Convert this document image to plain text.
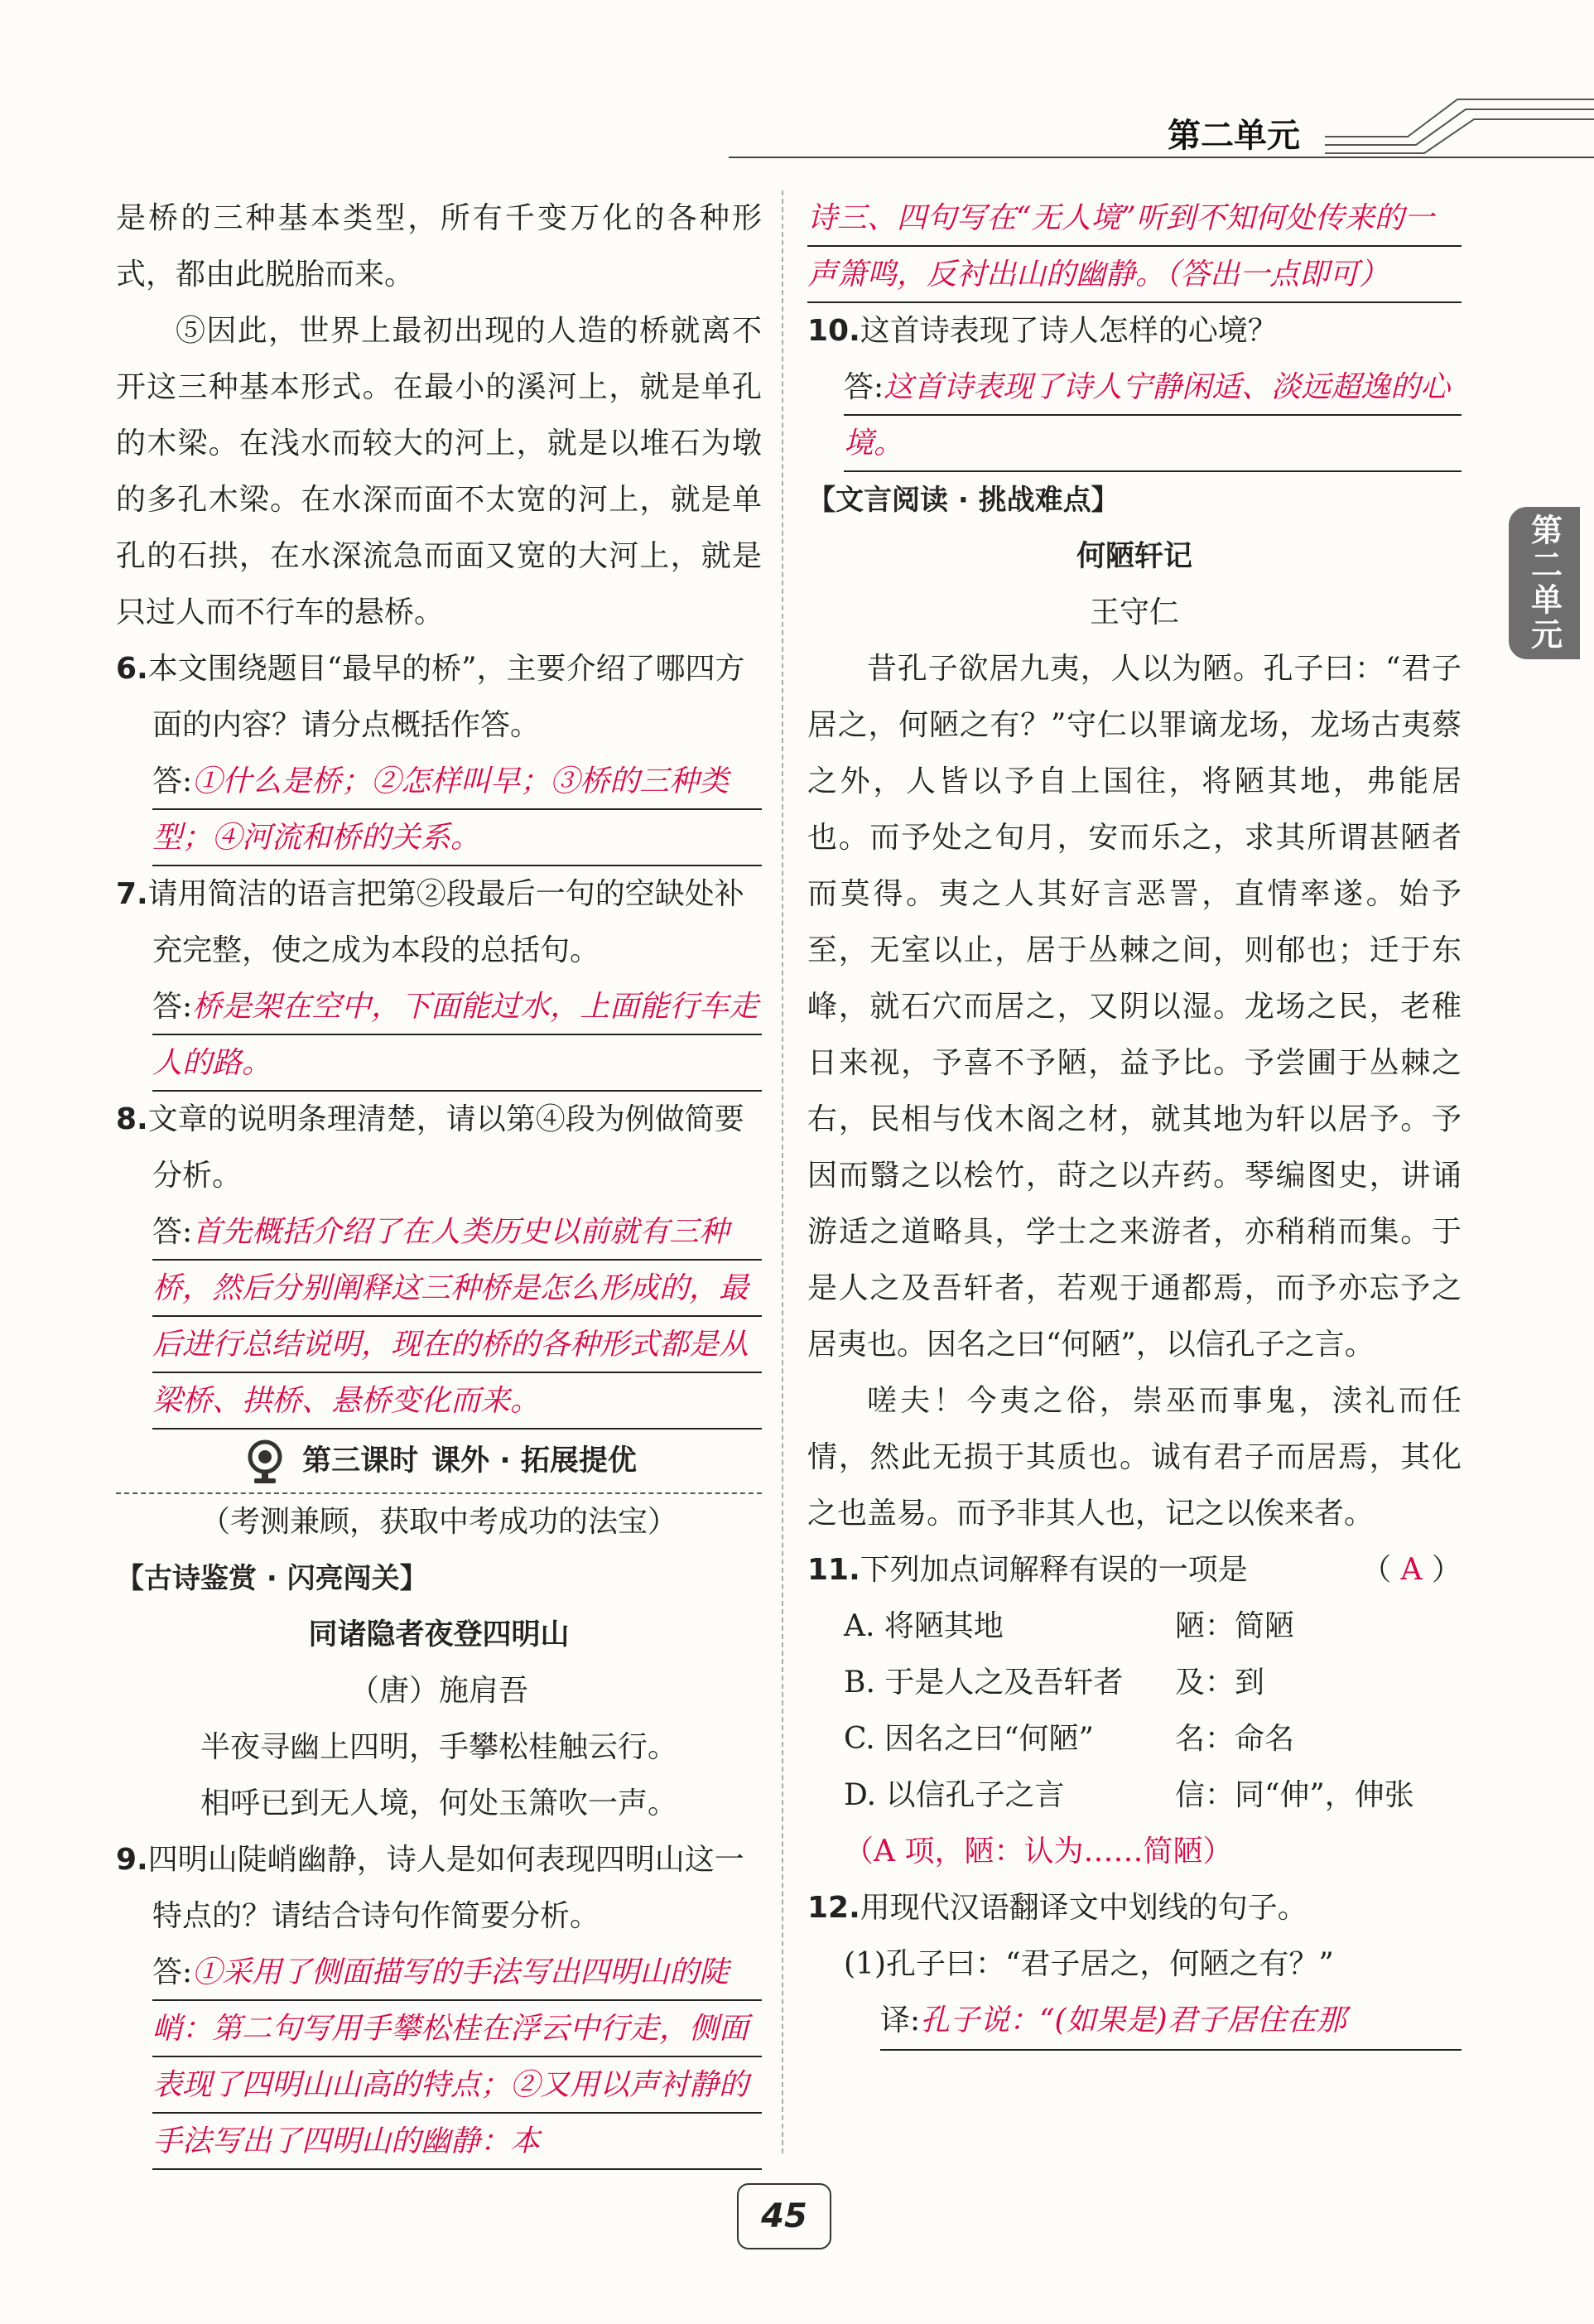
第二单元
第二单元

是桥的三种基本类型，所有千变万化的各种形式，都由此脱胎而来。

⑤因此，世界上最初出现的人造的桥就离不开这三种基本形式。在最小的溪河上，就是单孔的木梁。在浅水而较大的河上，就是以堆石为墩的多孔木梁。在水深而面不太宽的河上，就是单孔的石拱，在水深流急而面又宽的大河上，就是只过人而不行车的悬桥。

6.本文围绕题目“最早的桥”，主要介绍了哪四方面的内容？请分点概括作答。

答:①什么是桥；②怎样叫早；③桥的三种类型；④河流和桥的关系。

7.请用简洁的语言把第②段最后一句的空缺处补充完整，使之成为本段的总括句。

答:桥是架在空中，下面能过水，上面能行车走人的路。

8.文章的说明条理清楚，请以第④段为例做简要分析。

答:首先概括介绍了在人类历史以前就有三种桥，然后分别阐释这三种桥是怎么形成的，最后进行总结说明，现在的桥的各种形式都是从梁桥、拱桥、悬桥变化而来。

第三课时 课外 · 拓展提优

（考测兼顾，获取中考成功的法宝）

【古诗鉴赏 · 闪亮闯关】

同诸隐者夜登四明山

（唐）施肩吾

半夜寻幽上四明，手攀松桂触云行。

相呼已到无人境，何处玉箫吹一声。

9.四明山陡峭幽静，诗人是如何表现四明山这一特点的？请结合诗句作简要分析。

答:①采用了侧面描写的手法写出四明山的陡峭：第二句写用手攀松桂在浮云中行走，侧面表现了四明山山高的特点；②又用以声衬静的手法写出了四明山的幽静：本

诗三、四句写在“无人境”听到不知何处传来的一声箫鸣，反衬出山的幽静。（答出一点即可）

10.这首诗表现了诗人怎样的心境？

答:这首诗表现了诗人宁静闲适、淡远超逸的心境。

【文言阅读 · 挑战难点】

何陋轩记

王守仁

昔孔子欲居九夷，人以为陋。孔子曰：“君子居之，何陋之有？”守仁以罪谪龙场，龙场古夷蔡之外，人皆以予自上国往，将陋其地，弗能居也。而予处之旬月，安而乐之，求其所谓甚陋者而莫得。夷之人其好言恶詈，直情率遂。始予至，无室以止，居于丛棘之间，则郁也；迁于东峰，就石穴而居之，又阴以湿。龙场之民，老稚日来视，予喜不予陋，益予比。予尝圃于丛棘之右，民相与伐木阁之材，就其地为轩以居予。予因而翳之以桧竹，莳之以卉药。琴编图史，讲诵游适之道略具，学士之来游者，亦稍稍而集。于是人之及吾轩者，若观于通都焉，而予亦忘予之居夷也。因名之曰“何陋”，以信孔子之言。

嗟夫！今夷之俗，崇巫而事鬼，渎礼而任情，然此无损于其质也。诚有君子而居焉，其化之也盖易。而予非其人也，记之以俟来者。

11.下列加点词解释有误的一项是	（ A ）

A. 将陋其地	陋：简陋
B. 于是人之及吾轩者	及：到
C. 因名之曰“何陋”	名：命名
D. 以信孔子之言	信：同“伸”，伸张

（A 项，陋：认为……简陋）

12.用现代汉语翻译文中划线的句子。

(1)孔子曰：“君子居之，何陋之有？”

译:孔子说：“(如果是)君子居住在那

45
